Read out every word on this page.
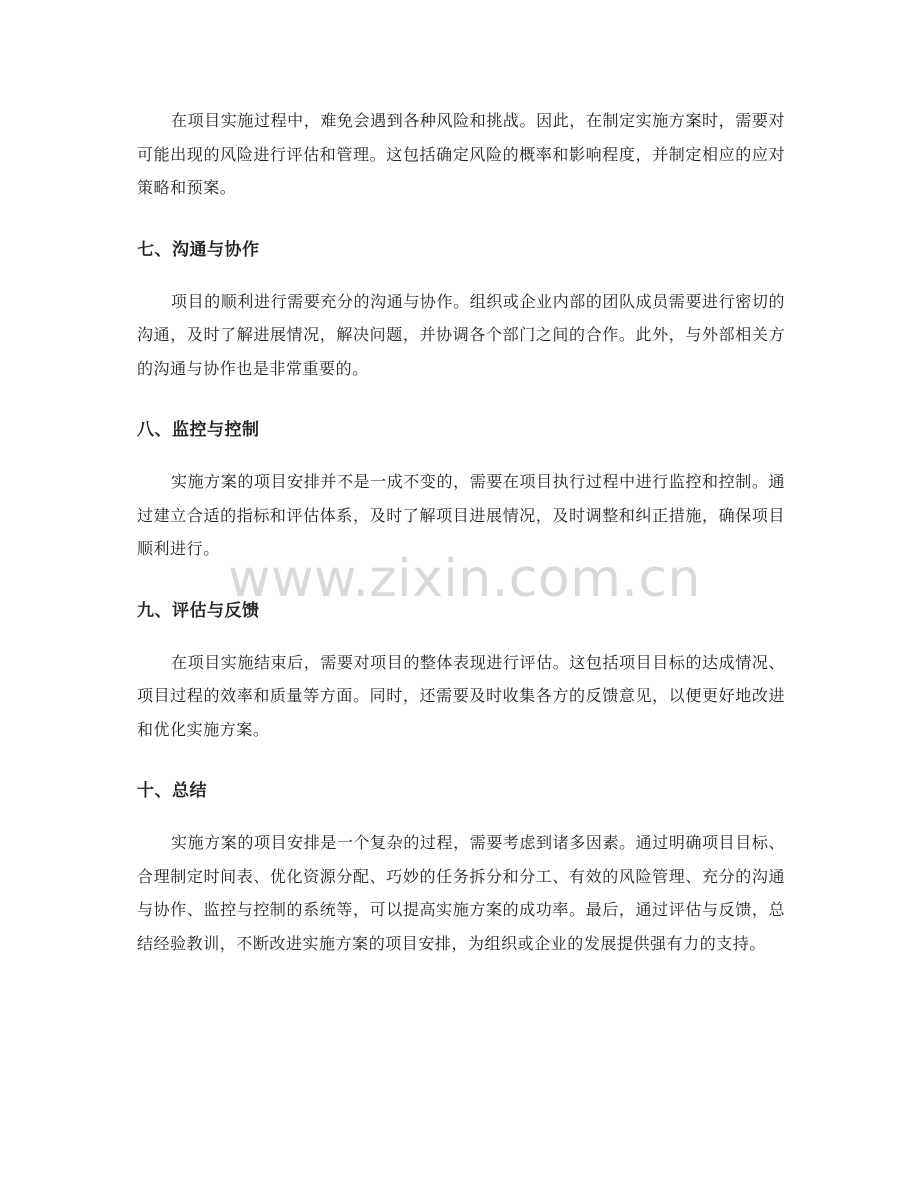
在项目实施过程中，难免会遇到各种风险和挑战。因此，在制定实施方案时，需要对可能出现的风险进行评估和管理。这包括确定风险的概率和影响程度，并制定相应的应对策略和预案。

七、沟通与协作

项目的顺利进行需要充分的沟通与协作。组织或企业内部的团队成员需要进行密切的沟通，及时了解进展情况，解决问题，并协调各个部门之间的合作。此外，与外部相关方的沟通与协作也是非常重要的。

八、监控与控制

实施方案的项目安排并不是一成不变的，需要在项目执行过程中进行监控和控制。通过建立合适的指标和评估体系，及时了解项目进展情况，及时调整和纠正措施，确保项目顺利进行。

九、评估与反馈

在项目实施结束后，需要对项目的整体表现进行评估。这包括项目目标的达成情况、项目过程的效率和质量等方面。同时，还需要及时收集各方的反馈意见，以便更好地改进和优化实施方案。

十、总结

实施方案的项目安排是一个复杂的过程，需要考虑到诸多因素。通过明确项目目标、合理制定时间表、优化资源分配、巧妙的任务拆分和分工、有效的风险管理、充分的沟通与协作、监控与控制的系统等，可以提高实施方案的成功率。最后，通过评估与反馈，总结经验教训，不断改进实施方案的项目安排，为组织或企业的发展提供强有力的支持。

www.zixin.com.cn
